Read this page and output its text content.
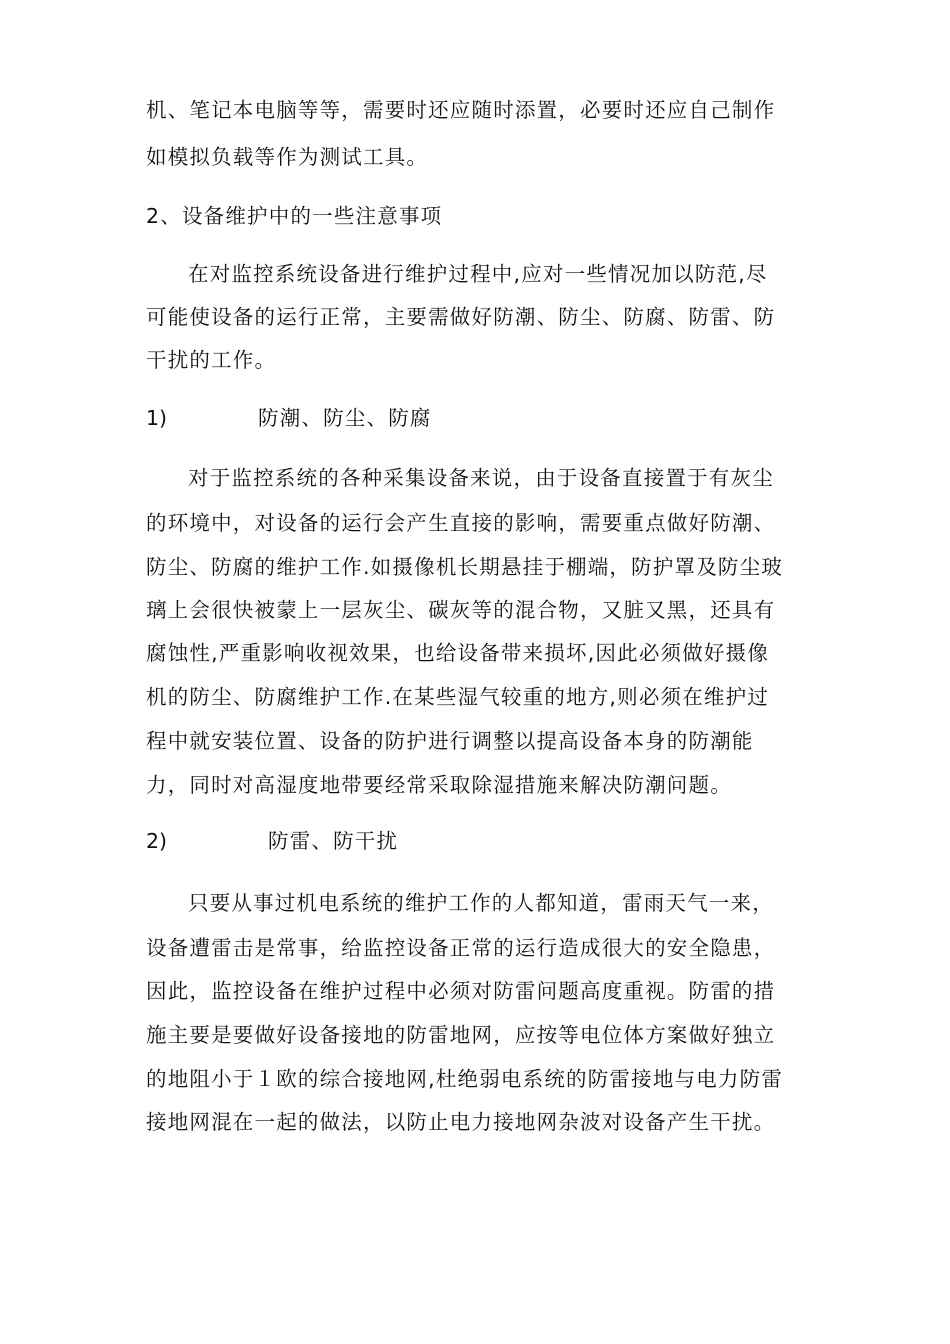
机、笔记本电脑等等，需要时还应随时添置，必要时还应自己制作
如模拟负载等作为测试工具。
2、设备维护中的一些注意事项
在对监控系统设备进行维护过程中,应对一些情况加以防范,尽
可能使设备的运行正常，主要需做好防潮、防尘、防腐、防雷、防
干扰的工作。
1)	防潮、防尘、防腐
对于监控系统的各种采集设备来说，由于设备直接置于有灰尘
的环境中，对设备的运行会产生直接的影响，需要重点做好防潮、
防尘、防腐的维护工作.如摄像机长期悬挂于棚端，防护罩及防尘玻
璃上会很快被蒙上一层灰尘、碳灰等的混合物，又脏又黑，还具有
腐蚀性,严重影响收视效果，也给设备带来损坏,因此必须做好摄像
机的防尘、防腐维护工作.在某些湿气较重的地方,则必须在维护过
程中就安装位置、设备的防护进行调整以提高设备本身的防潮能
力，同时对高湿度地带要经常采取除湿措施来解决防潮问题。
2)	防雷、防干扰
只要从事过机电系统的维护工作的人都知道，雷雨天气一来，
设备遭雷击是常事，给监控设备正常的运行造成很大的安全隐患，
因此，监控设备在维护过程中必须对防雷问题高度重视。防雷的措
施主要是要做好设备接地的防雷地网，应按等电位体方案做好独立
的地阻小于１欧的综合接地网,杜绝弱电系统的防雷接地与电力防雷
接地网混在一起的做法，以防止电力接地网杂波对设备产生干扰。
